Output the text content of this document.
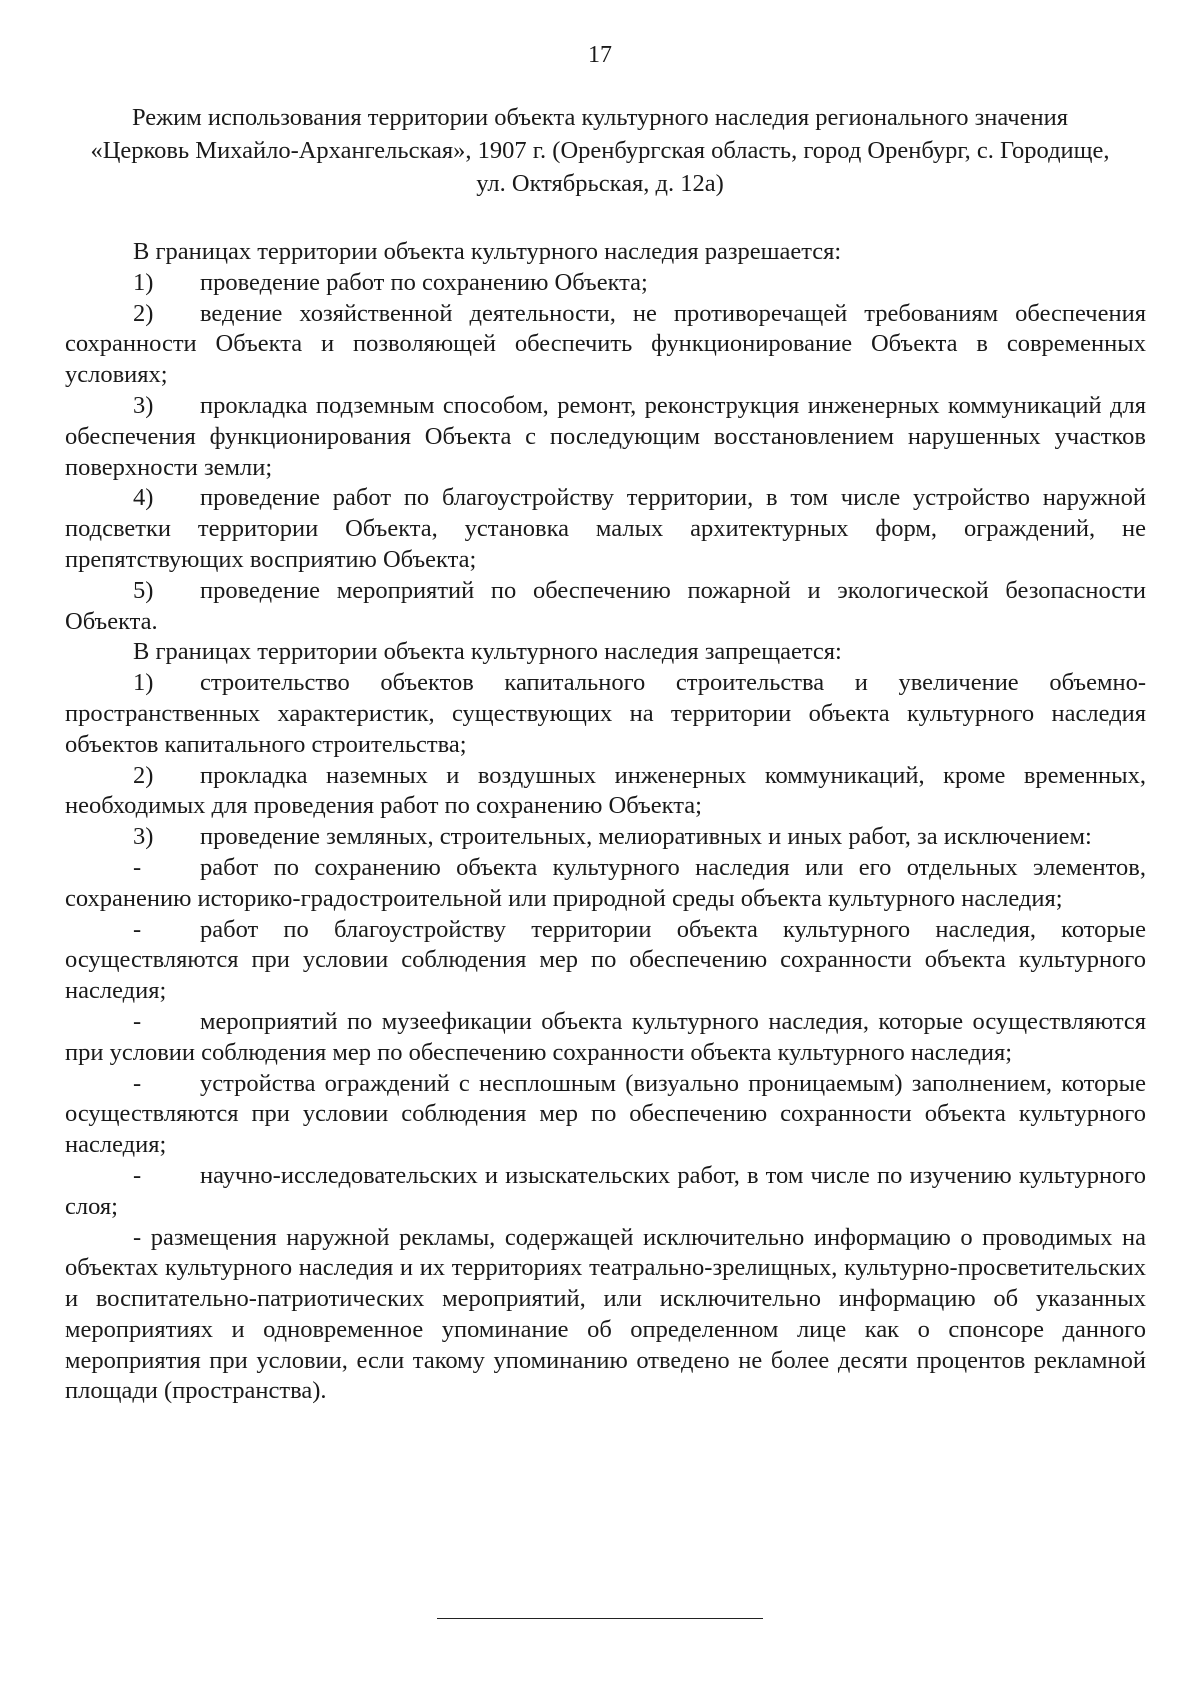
17
Режим использования территории объекта культурного наследия регионального значения «Церковь Михайло-Архангельская», 1907 г. (Оренбургская область, город Оренбург, с. Городище, ул. Октябрьская, д. 12а)

В границах территории объекта культурного наследия разрешается:

1) проведение работ по сохранению Объекта;

2) ведение хозяйственной деятельности, не противоречащей требованиям обеспечения сохранности Объекта и позволяющей обеспечить функционирование Объекта в современных условиях;

3) прокладка подземным способом, ремонт, реконструкция инженерных коммуникаций для обеспечения функционирования Объекта с последующим восстановлением нарушенных участков поверхности земли;

4) проведение работ по благоустройству территории, в том числе устройство наружной подсветки территории Объекта, установка малых архитектурных форм, ограждений, не препятствующих восприятию Объекта;

5) проведение мероприятий по обеспечению пожарной и экологической безопасности Объекта.

В границах территории объекта культурного наследия запрещается:

1) строительство объектов капитального строительства и увеличение объемно-пространственных характеристик, существующих на территории объекта культурного наследия объектов капитального строительства;

2) прокладка наземных и воздушных инженерных коммуникаций, кроме временных, необходимых для проведения работ по сохранению Объекта;

3) проведение земляных, строительных, мелиоративных и иных работ, за исключением:

- работ по сохранению объекта культурного наследия или его отдельных элементов, сохранению историко-градостроительной или природной среды объекта культурного наследия;

- работ по благоустройству территории объекта культурного наследия, которые осуществляются при условии соблюдения мер по обеспечению сохранности объекта культурного наследия;

- мероприятий по музеефикации объекта культурного наследия, которые осуществляются при условии соблюдения мер по обеспечению сохранности объекта культурного наследия;

- устройства ограждений с несплошным (визуально проницаемым) заполнением, которые осуществляются при условии соблюдения мер по обеспечению сохранности объекта культурного наследия;

- научно-исследовательских и изыскательских работ, в том числе по изучению культурного слоя;

- размещения наружной рекламы, содержащей исключительно информацию о проводимых на объектах культурного наследия и их территориях театрально-зрелищных, культурно-просветительских и воспитательно-патриотических мероприятий, или исключительно информацию об указанных мероприятиях и одновременное упоминание об определенном лице как о спонсоре данного

мероприятия при условии, если такому упоминанию отведено не более десяти процентов рекламной площади (пространства).
